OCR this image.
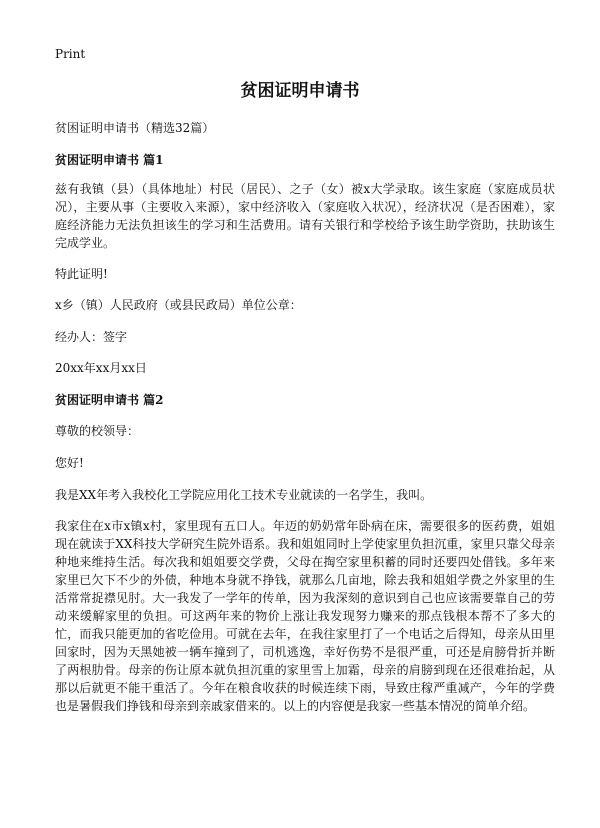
Print
贫困证明申请书

贫困证明申请书（精选32篇）

贫困证明申请书 篇1

兹有我镇（县）（具体地址）村民（居民）、之子（女）被x大学录取。该生家庭（家庭成员状况），主要从事（主要收入来源），家中经济收入（家庭收入状况），经济状况（是否困难），家庭经济能力无法负担该生的学习和生活费用。请有关银行和学校给予该生助学资助，扶助该生完成学业。

特此证明!

x乡（镇）人民政府（或县民政局）单位公章：

经办人：签字

20xx年xx月xx日

贫困证明申请书 篇2

尊敬的校领导：

您好!

我是XX年考入我校化工学院应用化工技术专业就读的一名学生，我叫。

我家住在x市x镇x村，家里现有五口人。年迈的奶奶常年卧病在床，需要很多的医药费，姐姐现在就读于XX科技大学研究生院外语系。我和姐姐同时上学使家里负担沉重，家里只靠父母亲种地来维持生活。每次我和姐姐要交学费，父母在掏空家里积蓄的同时还要四处借钱。多年来家里已欠下不少的外债，种地本身就不挣钱，就那么几亩地，除去我和姐姐学费之外家里的生活常常捉襟见肘。大一我发了一学年的传单，因为我深刻的意识到自己也应该需要靠自己的劳动来缓解家里的负担。可这两年来的物价上涨让我发现努力赚来的那点钱根本帮不了多大的忙，而我只能更加的省吃俭用。可就在去年，在我往家里打了一个电话之后得知，母亲从田里回家时，因为天黑她被一辆车撞到了，司机逃逸，幸好伤势不是很严重，可还是肩膀骨折并断了两根肋骨。母亲的伤让原本就负担沉重的家里雪上加霜，母亲的肩膀到现在还很难抬起，从那以后就更不能干重活了。今年在粮食收获的时候连续下雨，导致庄稼严重减产，今年的学费也是暑假我们挣钱和母亲到亲戚家借来的。以上的内容便是我家一些基本情况的简单介绍。
